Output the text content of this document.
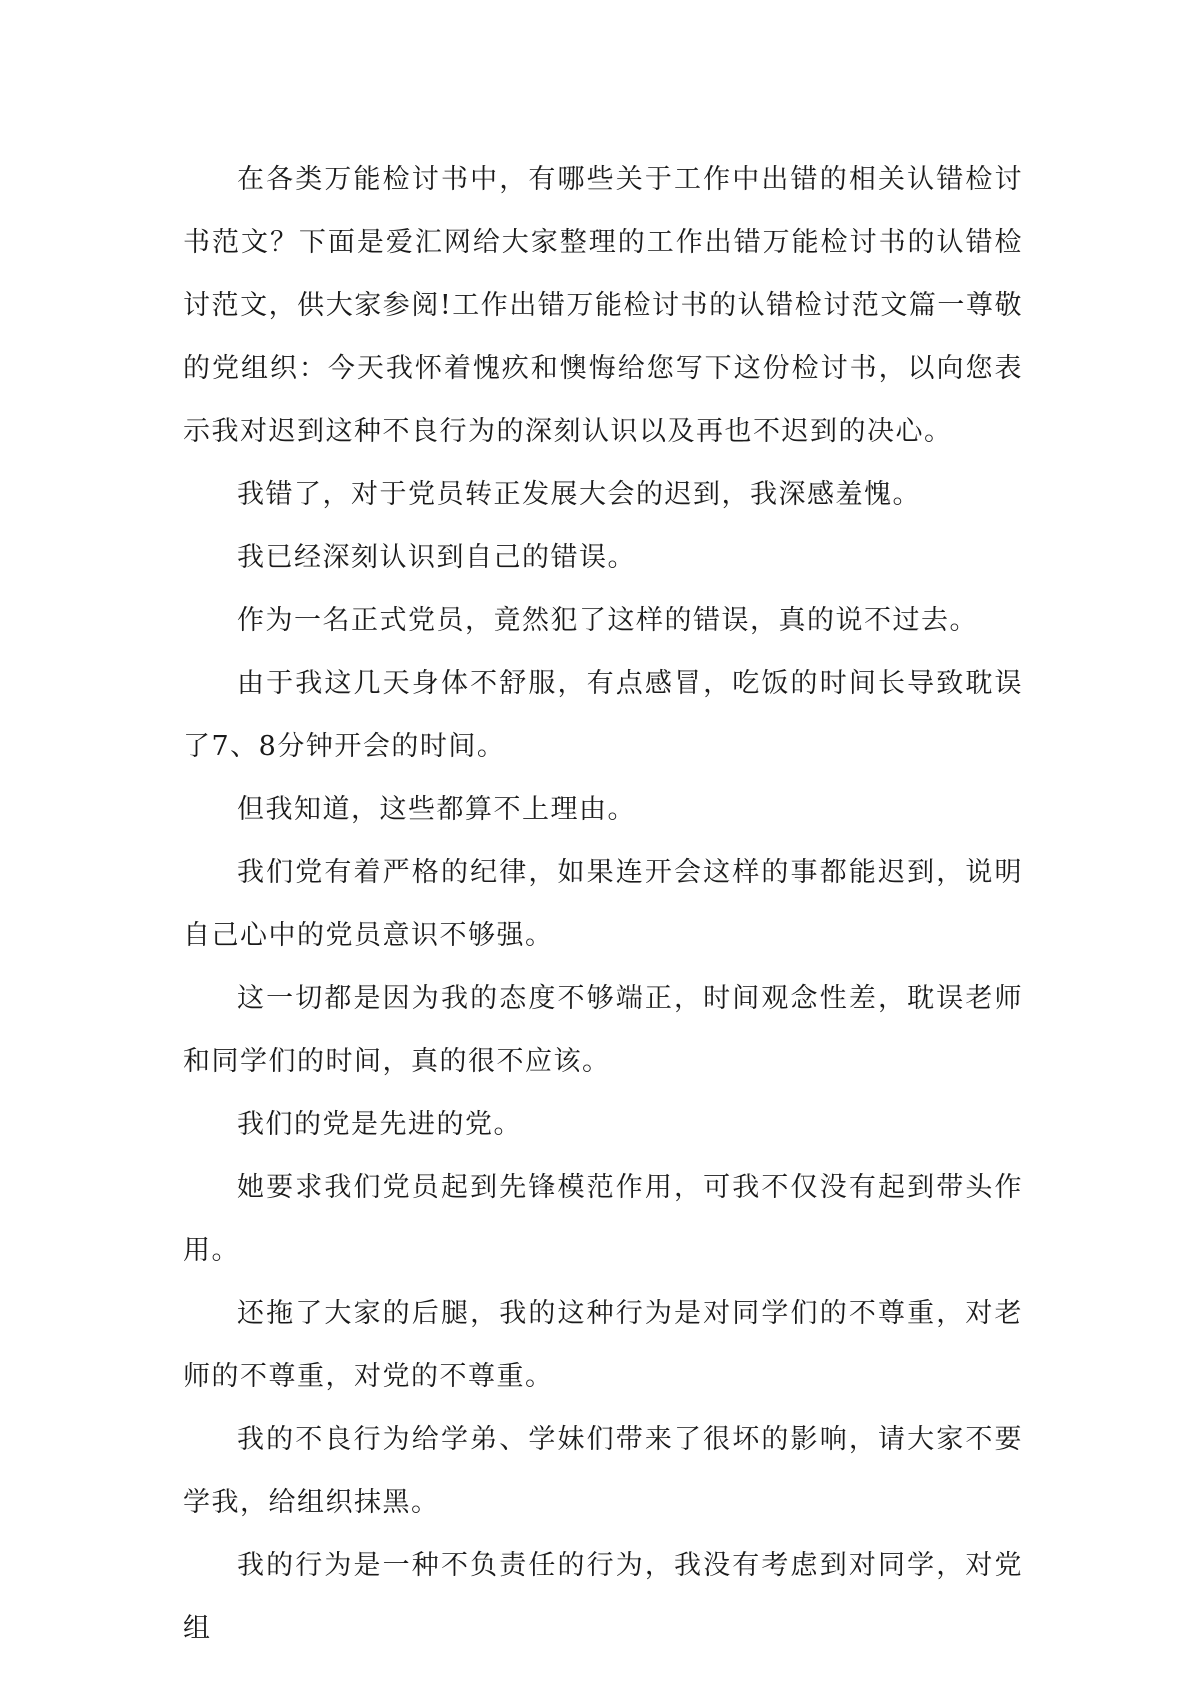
在各类万能检讨书中，有哪些关于工作中出错的相关认错检讨书范文？下面是爱汇网给大家整理的工作出错万能检讨书的认错检讨范文，供大家参阅!工作出错万能检讨书的认错检讨范文篇一尊敬的党组织：今天我怀着愧疚和懊悔给您写下这份检讨书，以向您表示我对迟到这种不良行为的深刻认识以及再也不迟到的决心。

我错了，对于党员转正发展大会的迟到，我深感羞愧。

我已经深刻认识到自己的错误。

作为一名正式党员，竟然犯了这样的错误，真的说不过去。

由于我这几天身体不舒服，有点感冒，吃饭的时间长导致耽误了7、8分钟开会的时间。

但我知道，这些都算不上理由。

我们党有着严格的纪律，如果连开会这样的事都能迟到，说明自己心中的党员意识不够强。

这一切都是因为我的态度不够端正，时间观念性差，耽误老师和同学们的时间，真的很不应该。

我们的党是先进的党。

她要求我们党员起到先锋模范作用，可我不仅没有起到带头作用。

还拖了大家的后腿，我的这种行为是对同学们的不尊重，对老师的不尊重，对党的不尊重。

我的不良行为给学弟、学妹们带来了很坏的影响，请大家不要学我，给组织抹黑。

我的行为是一种不负责任的行为，我没有考虑到对同学，对党组
